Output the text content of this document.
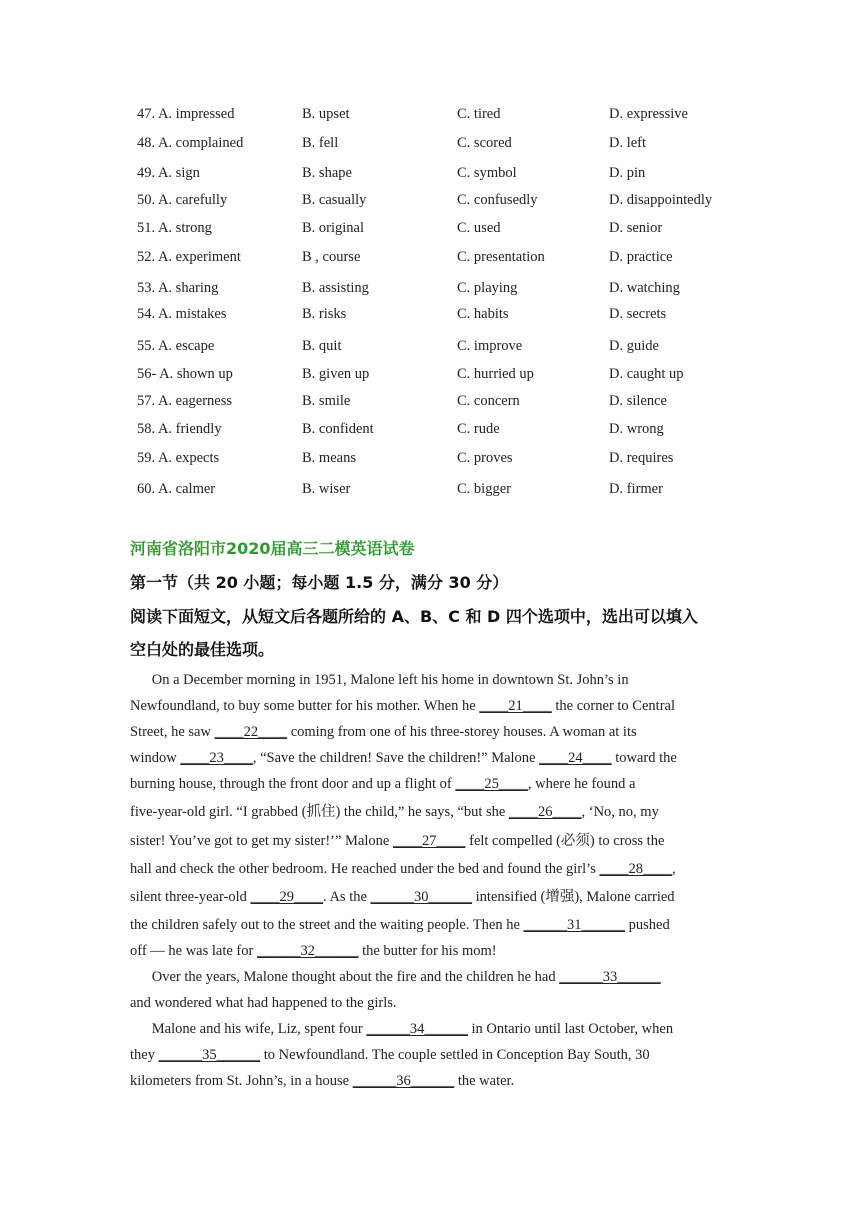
47. A. impressed	B. upset	C. tired	D. expressive
48. A. complained	B. fell	C. scored	D. left
49. A. sign	B. shape	C. symbol	D. pin
50. A. carefully	B. casually	C. confusedly	D. disappointedly
51. A. strong	B. original	C. used	D. senior
52. A. experiment	B , course	C. presentation	D. practice
53. A. sharing	B. assisting	C. playing	D. watching
54. A. mistakes	B. risks	C. habits	D. secrets
55. A. escape	B. quit	C. improve	D. guide
56- A. shown up	B. given up	C. hurried up	D. caught up
57. A. eagerness	B. smile	C. concern	D. silence
58. A. friendly	B. confident	C. rude	D. wrong
59. A. expects	B. means	C. proves	D. requires
60. A. calmer	B. wiser	C. bigger	D. firmer
河南省洛阳市2020届高三二模英语试卷
第一节（共 20 小题；每小题 1.5 分，满分 30 分）
阅读下面短文，从短文后各题所给的 A、B、C 和 D 四个选项中，选出可以填入
空白处的最佳选项。
On a December morning in 1951, Malone left his home in downtown St. John’s in
Newfoundland, to buy some butter for his mother. When he ____21____ the corner to Central
Street, he saw ____22____ coming from one of his three-storey houses. A woman at its
window ____23____, “Save the children! Save the children!” Malone ____24____ toward the
burning house, through the front door and up a flight of ____25____, where he found a
five-year-old girl. “I grabbed (抓住) the child,” he says, “but she ____26____, ‘No, no, my
sister! You’ve got to get my sister!’” Malone ____27____ felt compelled (必须) to cross the
hall and check the other bedroom. He reached under the bed and found the girl’s ____28____,
silent three-year-old ____29____. As the ______30______ intensified (增强), Malone carried
the children safely out to the street and the waiting people. Then he ______31______ pushed
off — he was late for ______32______ the butter for his mom!
Over the years, Malone thought about the fire and the children he had ______33______
and wondered what had happened to the girls.
Malone and his wife, Liz, spent four ______34______ in Ontario until last October, when
they ______35______ to Newfoundland. The couple settled in Conception Bay South, 30
kilometers from St. John’s, in a house ______36______ the water.
